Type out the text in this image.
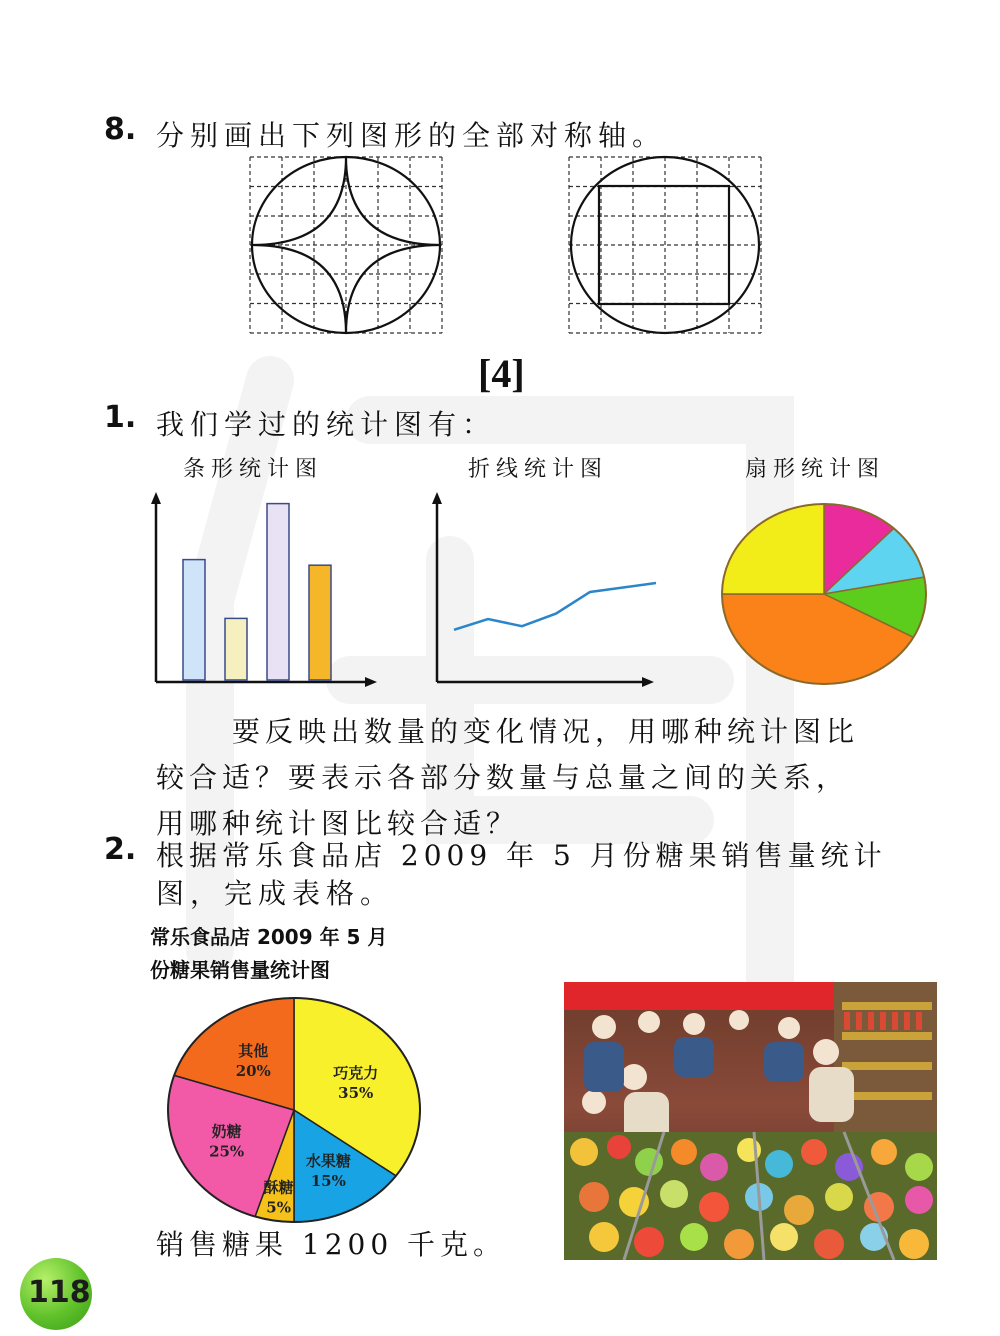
8. 分别画出下列图形的全部对称轴。
[4]
1. 我们学过的统计图有：
条形统计图	折线统计图	扇形统计图
要反映出数量的变化情况，用哪种统计图比
较合适？要表示各部分数量与总量之间的关系，
用哪种统计图比较合适？
2. 根据常乐食品店 2009 年 5 月份糖果销售量统计
图，完成表格。
常乐食品店 2009 年 5 月
份糖果销售量统计图
巧克力
35%
水果糖
15%
酥糖
5%
奶糖
25%
其他
20%
销售糖果 1200 千克。
118
